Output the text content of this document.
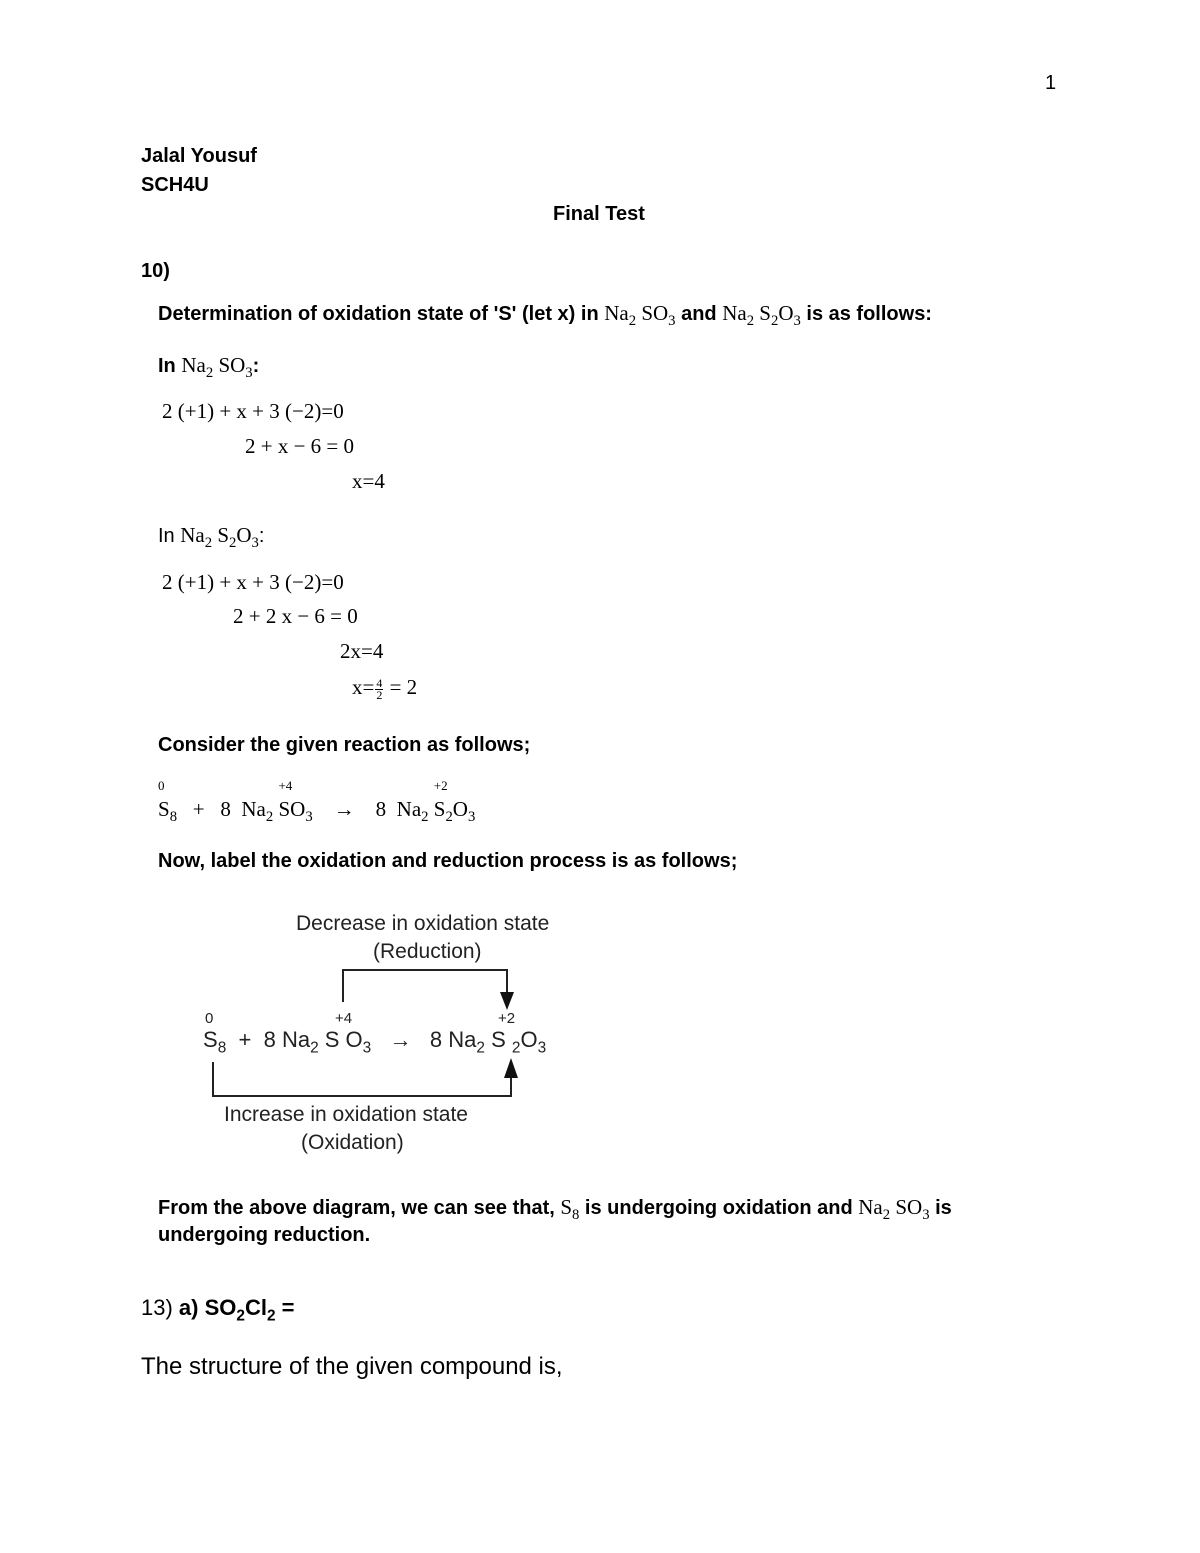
1
Jalal Yousuf
SCH4U
Final Test
10)
Determination of oxidation state of 'S' (let x) in $Na_2$ $SO_3$ and $Na_2$ $S_2O_3$ is as follows:
In $Na_2$ $SO_3$:
2 (+1) + x + 3 (−2)=0
2 + x − 6 = 0
x=4
In $Na_2$ $S_2O_3$:
2 (+1) + x + 3 (−2)=0
2 + 2 x − 6 = 0
2x=4
$x= \frac{4}{2} = 2$
Consider the given reaction as follows;
0
$S_8 + 8$  $Na_2$
+4
$SO_3 \to 8$  $Na_2$
+2
$S_2O_3$
Now, label the oxidation and reduction process is as follows;
Decrease in oxidation state
(Reduction)
0	+4	+2
$S_8 + 8$ $Na_2$ S $O_3 \to 8$ $Na_2$ S $_2O_3$
Increase in oxidation state
(Oxidation)
From the above diagram, we can see that, $S_8$ is undergoing oxidation and $Na_2$ $SO_3$ is
undergoing reduction.
13) a) $SO_2Cl_2$ =
The structure of the given compound is,
